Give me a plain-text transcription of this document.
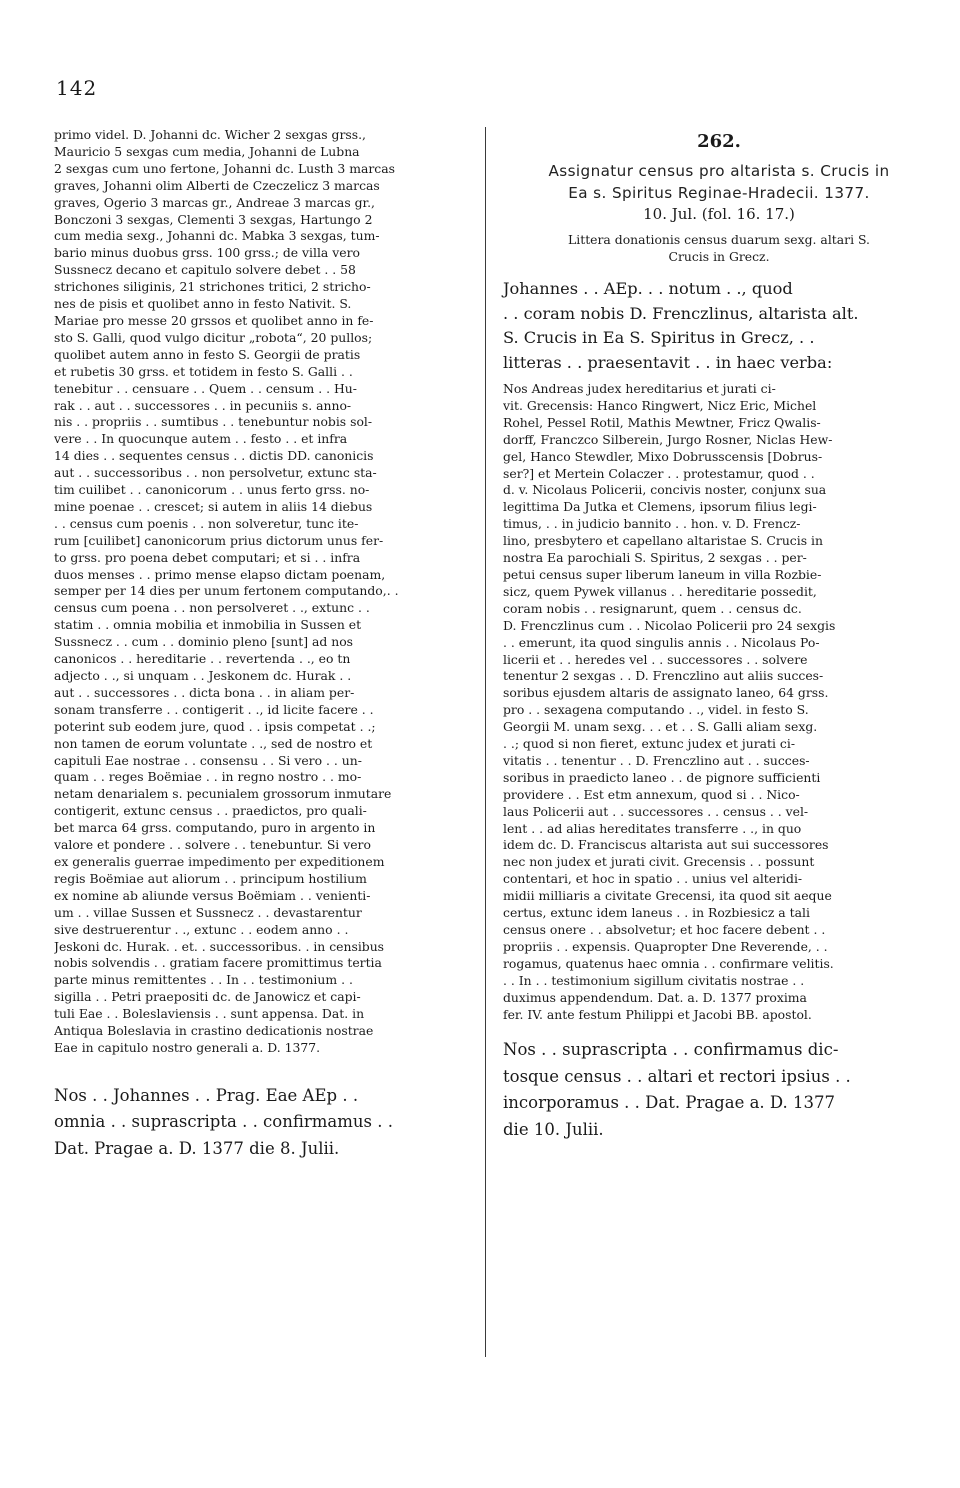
142
primo videl. D. Johanni dc. Wicher 2 sexgas grss.,
Mauricio 5 sexgas cum media, Johanni de Lubna
2 sexgas cum uno fertone, Johanni dc. Lusth 3 marcas
graves, Johanni olim Alberti de Czeczelicz 3 marcas
graves, Ogerio 3 marcas gr., Andreae 3 marcas gr.,
Bonczoni 3 sexgas, Clementi 3 sexgas, Hartungo 2
cum media sexg., Johanni dc. Mabka 3 sexgas, tum-
bario minus duobus grss. 100 grss.; de villa vero
Sussnecz decano et capitulo solvere debet . . 58
strichones siliginis, 21 strichones tritici, 2 stricho-
nes de pisis et quolibet anno in festo Nativit. S.
Mariae pro messe 20 grssos et quolibet anno in fe-
sto S. Galli, quod vulgo dicitur „robota“, 20 pullos;
quolibet autem anno in festo S. Georgii de pratis
et rubetis 30 grss. et totidem in festo S. Galli . .
tenebitur . . censuare . . Quem . . censum . . Hu-
rak . . aut . . successores . . in pecuniis s. anno-
nis . . propriis . . sumtibus . . tenebuntur nobis sol-
vere . . In quocunque autem . . festo . . et infra
14 dies . . sequentes census . . dictis DD. canonicis
aut . . successoribus . . non persolvetur, extunc sta-
tim cuilibet . . canonicorum . . unus ferto grss. no-
mine poenae . . crescet; si autem in aliis 14 diebus
. . census cum poenis . . non solveretur, tunc ite-
rum [cuilibet] canonicorum prius dictorum unus fer-
to grss. pro poena debet computari; et si . . infra
duos menses . . primo mense elapso dictam poenam,
semper per 14 dies per unum fertonem computando,. .
census cum poena . . non persolveret . ., extunc . .
statim . . omnia mobilia et inmobilia in Sussen et
Sussnecz . . cum . . dominio pleno [sunt] ad nos
canonicos . . hereditarie . . revertenda . ., eo tn
adjecto . ., si unquam . . Jeskonem dc. Hurak . .
aut . . successores . . dicta bona . . in aliam per-
sonam transferre . . contigerit . ., id licite facere . .
poterint sub eodem jure, quod . . ipsis competat . .;
non tamen de eorum voluntate . ., sed de nostro et
capituli Eae nostrae . . consensu . . Si vero . . un-
quam . . reges Boëmiae . . in regno nostro . . mo-
netam denarialem s. pecunialem grossorum inmutare
contigerit, extunc census . . praedictos, pro quali-
bet marca 64 grss. computando, puro in argento in
valore et pondere . . solvere . . tenebuntur. Si vero
ex generalis guerrae impedimento per expeditionem
regis Boëmiae aut aliorum . . principum hostilium
ex nomine ab aliunde versus Boëmiam . . venienti-
um . . villae Sussen et Sussnecz . . devastarentur
sive destruerentur . ., extunc . . eodem anno . .
Jeskoni dc. Hurak. . et. . successoribus. . in censibus
nobis solvendis . . gratiam facere promittimus tertia
parte minus remittentes . . In . . testimonium . .
sigilla . . Petri praepositi dc. de Janowicz et capi-
tuli Eae . . Boleslaviensis . . sunt appensa. Dat. in
Antiqua Boleslavia in crastino dedicationis nostrae
Eae in capitulo nostro generali a. D. 1377.
Nos . . Johannes . . Prag. Eae AEp . .
omnia . . suprascripta . . confirmamus . .
Dat. Pragae a. D. 1377 die 8. Julii.
262.
Assignatur census pro altarista s. Crucis in
Ea s. Spiritus Reginae-Hradecii. 1377.
10. Jul. (fol. 16. 17.)
Littera donationis census duarum sexg. altari S.
Crucis in Grecz.
Johannes . . AEp. . . notum . ., quod
. . coram nobis D. Frenczlinus, altarista alt.
S. Crucis in Ea S. Spiritus in Grecz, . .
litteras . . praesentavit . . in haec verba:
Nos Andreas judex hereditarius et jurati ci-
vit. Grecensis: Hanco Ringwert, Nicz Eric, Michel
Rohel, Pessel Rotil, Mathis Mewtner, Fricz Qwalis-
dorff, Franczco Silberein, Jurgo Rosner, Niclas Hew-
gel, Hanco Stewdler, Mixo Dobrusscensis [Dobrus-
ser?] et Mertein Colaczer . . protestamur, quod . .
d. v. Nicolaus Policerii, concivis noster, conjunx sua
legittima Da Jutka et Clemens, ipsorum filius legi-
timus, . . in judicio bannito . . hon. v. D. Frencz-
lino, presbytero et capellano altaristae S. Crucis in
nostra Ea parochiali S. Spiritus, 2 sexgas . . per-
petui census super liberum laneum in villa Rozbie-
sicz, quem Pywek villanus . . hereditarie possedit,
coram nobis . . resignarunt, quem . . census dc.
D. Frenczlinus cum . . Nicolao Policerii pro 24 sexgis
. . emerunt, ita quod singulis annis . . Nicolaus Po-
licerii et . . heredes vel . . successores . . solvere
tenentur 2 sexgas . . D. Frenczlino aut aliis succes-
soribus ejusdem altaris de assignato laneo, 64 grss.
pro . . sexagena computando . ., videl. in festo S.
Georgii M. unam sexg. . . et . . S. Galli aliam sexg.
. .; quod si non fieret, extunc judex et jurati ci-
vitatis . . tenentur . . D. Frenczlino aut . . succes-
soribus in praedicto laneo . . de pignore sufficienti
providere . . Est etm annexum, quod si . . Nico-
laus Policerii aut . . successores . . census . . vel-
lent . . ad alias hereditates transferre . ., in quo
idem dc. D. Franciscus altarista aut sui successores
nec non judex et jurati civit. Grecensis . . possunt
contentari, et hoc in spatio . . unius vel alteridi-
midii milliaris a civitate Grecensi, ita quod sit aeque
certus, extunc idem laneus . . in Rozbiesicz a tali
census onere . . absolvetur; et hoc facere debent . .
propriis . . expensis. Quapropter Dne Reverende, . .
rogamus, quatenus haec omnia . . confirmare velitis.
. . In . . testimonium sigillum civitatis nostrae . .
duximus appendendum. Dat. a. D. 1377 proxima
fer. IV. ante festum Philippi et Jacobi BB. apostol.
Nos . . suprascripta . . confirmamus dic-
tosque census . . altari et rectori ipsius . .
incorporamus . . Dat. Pragae a. D. 1377
die 10. Julii.
